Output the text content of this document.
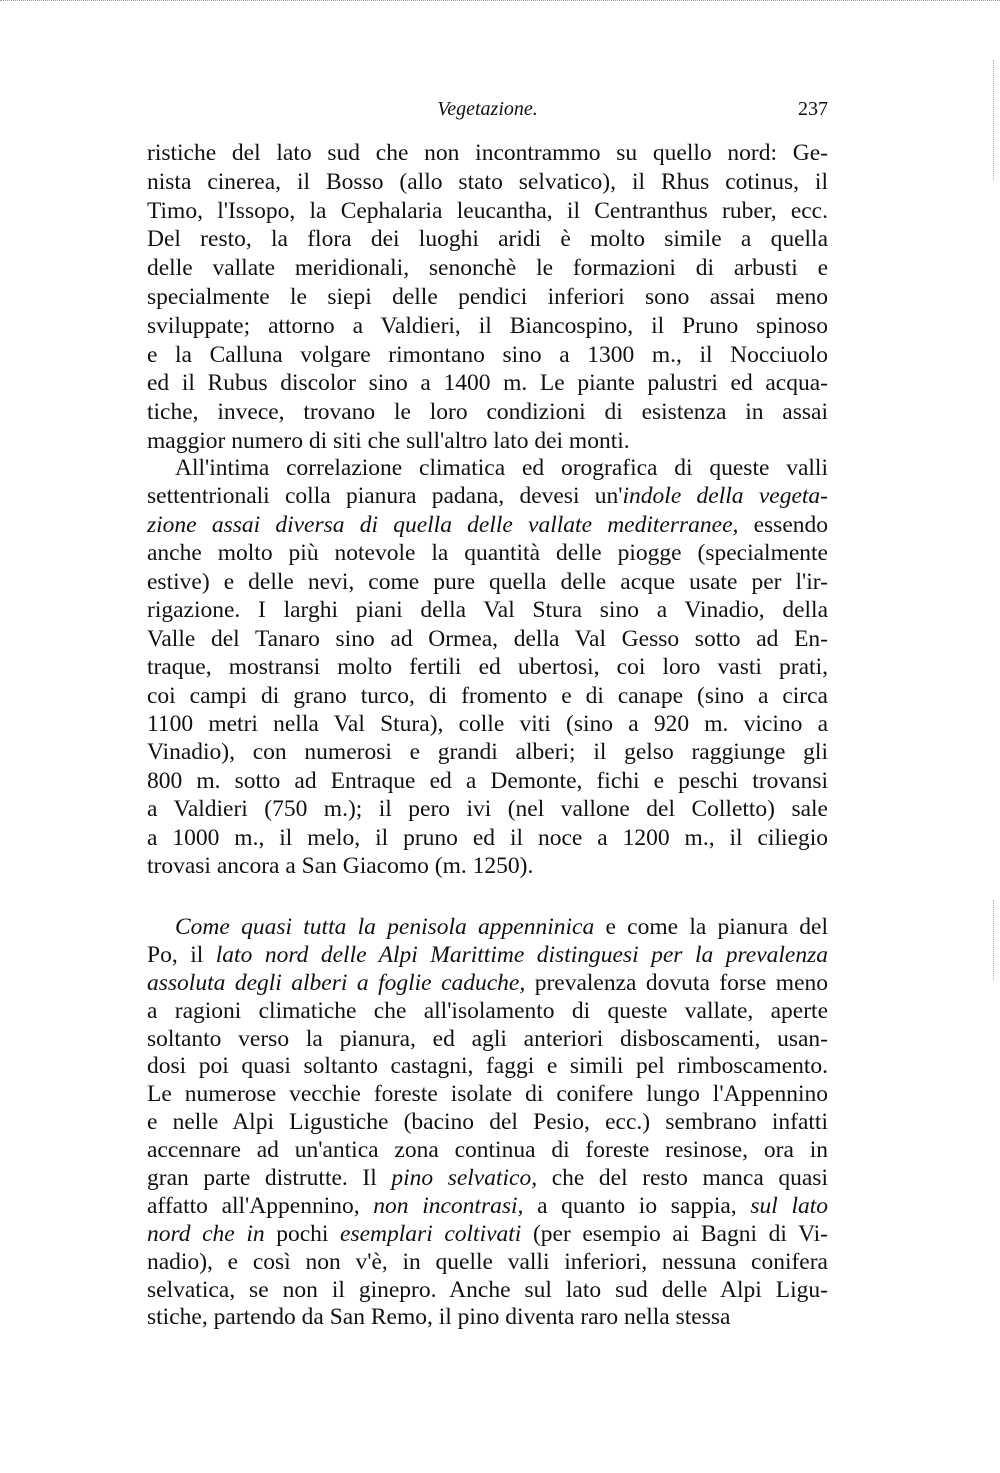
Vegetazione.	237
ristiche del lato sud che non incontrammo su quello nord: Ge-
nista cinerea, il Bosso (allo stato selvatico), il Rhus cotinus, il
Timo, l'Issopo, la Cephalaria leucantha, il Centranthus ruber, ecc.
Del resto, la flora dei luoghi aridi è molto simile a quella
delle vallate meridionali, senonchè le formazioni di arbusti e
specialmente le siepi delle pendici inferiori sono assai meno
sviluppate; attorno a Valdieri, il Biancospino, il Pruno spinoso
e la Calluna volgare rimontano sino a 1300 m., il Nocciuolo
ed il Rubus discolor sino a 1400 m. Le piante palustri ed acqua-
tiche, invece, trovano le loro condizioni di esistenza in assai
maggior numero di siti che sull'altro lato dei monti.
All'intima correlazione climatica ed orografica di queste valli
settentrionali colla pianura padana, devesi un'indole della vegeta-
zione assai diversa di quella delle vallate mediterranee, essendo
anche molto più notevole la quantità delle piogge (specialmente
estive) e delle nevi, come pure quella delle acque usate per l'ir-
rigazione. I larghi piani della Val Stura sino a Vinadio, della
Valle del Tanaro sino ad Ormea, della Val Gesso sotto ad En-
traque, mostransi molto fertili ed ubertosi, coi loro vasti prati,
coi campi di grano turco, di fromento e di canape (sino a circa
1100 metri nella Val Stura), colle viti (sino a 920 m. vicino a
Vinadio), con numerosi e grandi alberi; il gelso raggiunge gli
800 m. sotto ad Entraque ed a Demonte, fichi e peschi trovansi
a Valdieri (750 m.); il pero ivi (nel vallone del Colletto) sale
a 1000 m., il melo, il pruno ed il noce a 1200 m., il ciliegio
trovasi ancora a San Giacomo (m. 1250).
Come quasi tutta la penisola appenninica e come la pianura del
Po, il lato nord delle Alpi Marittime distinguesi per la prevalenza
assoluta degli alberi a foglie caduche, prevalenza dovuta forse meno
a ragioni climatiche che all'isolamento di queste vallate, aperte
soltanto verso la pianura, ed agli anteriori disboscamenti, usan-
dosi poi quasi soltanto castagni, faggi e simili pel rimboscamento.
Le numerose vecchie foreste isolate di conifere lungo l'Appennino
e nelle Alpi Ligustiche (bacino del Pesio, ecc.) sembrano infatti
accennare ad un'antica zona continua di foreste resinose, ora in
gran parte distrutte. Il pino selvatico, che del resto manca quasi
affatto all'Appennino, non incontrasi, a quanto io sappia, sul lato
nord che in pochi esemplari coltivati (per esempio ai Bagni di Vi-
nadio), e così non v'è, in quelle valli inferiori, nessuna conifera
selvatica, se non il ginepro. Anche sul lato sud delle Alpi Ligu-
stiche, partendo da San Remo, il pino diventa raro nella stessa
